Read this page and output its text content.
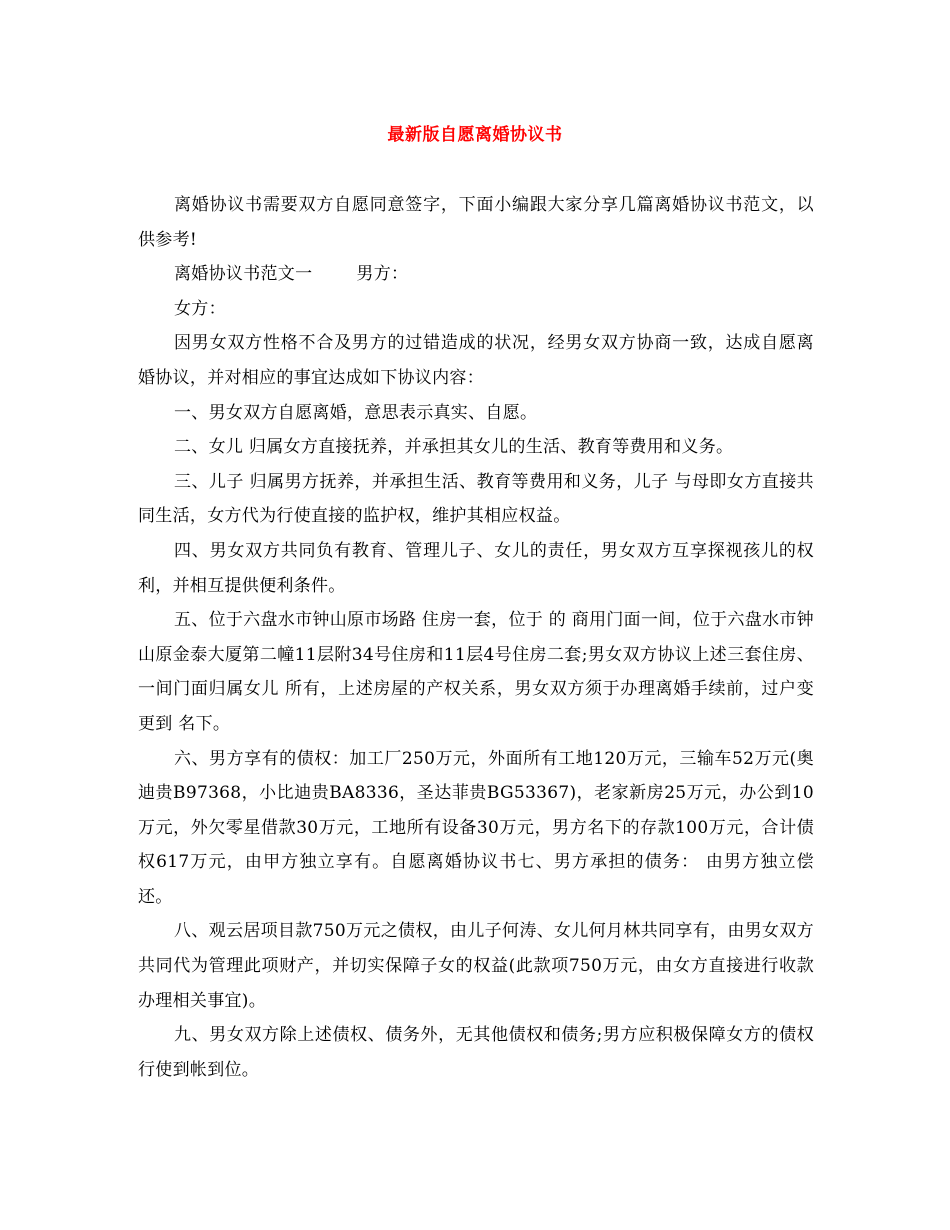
最新版自愿离婚协议书

离婚协议书需要双方自愿同意签字，下面小编跟大家分享几篇离婚协议书范文，以供参考!

离婚协议书范文一	男方：

女方：

因男女双方性格不合及男方的过错造成的状况，经男女双方协商一致，达成自愿离婚协议，并对相应的事宜达成如下协议内容：

一、男女双方自愿离婚，意思表示真实、自愿。

二、女儿 归属女方直接抚养，并承担其女儿的生活、教育等费用和义务。

三、儿子 归属男方抚养，并承担生活、教育等费用和义务，儿子 与母即女方直接共同生活，女方代为行使直接的监护权，维护其相应权益。

四、男女双方共同负有教育、管理儿子、女儿的责任，男女双方互享探视孩儿的权利，并相互提供便利条件。

五、位于六盘水市钟山原市场路 住房一套，位于 的 商用门面一间，位于六盘水市钟山原金泰大厦第二幢11层附34号住房和11层4号住房二套;男女双方协议上述三套住房、一间门面归属女儿 所有，上述房屋的产权关系，男女双方须于办理离婚手续前，过户变更到 名下。

六、男方享有的债权：加工厂250万元，外面所有工地120万元，三输车52万元(奥迪贵B97368，小比迪贵BA8336，圣达菲贵BG53367)，老家新房25万元，办公到10万元，外欠零星借款30万元，工地所有设备30万元，男方名下的存款100万元，合计债权617万元，由甲方独立享有。自愿离婚协议书七、男方承担的债务： 由男方独立偿还。

八、观云居项目款750万元之债权，由儿子何涛、女儿何月林共同享有，由男女双方共同代为管理此项财产，并切实保障子女的权益(此款项750万元，由女方直接进行收款办理相关事宜)。

九、男女双方除上述债权、债务外，无其他债权和债务;男方应积极保障女方的债权行使到帐到位。
